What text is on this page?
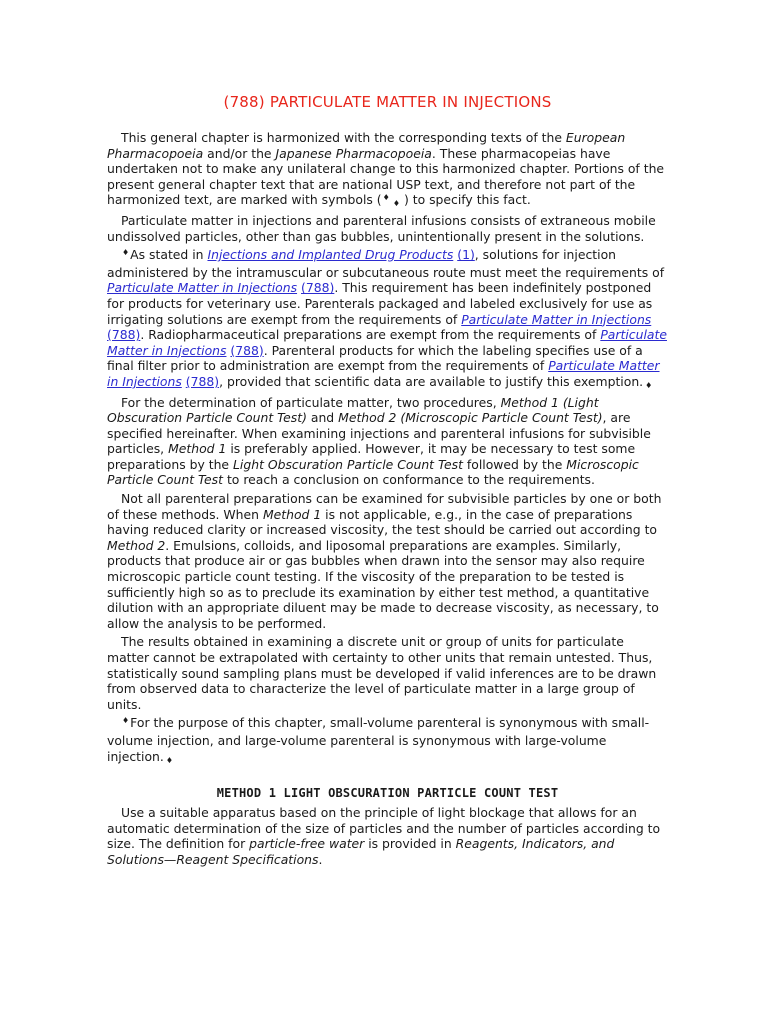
(788) PARTICULATE MATTER IN INJECTIONS

This general chapter is harmonized with the corresponding texts of the European Pharmacopoeia and/or the Japanese Pharmacopoeia. These pharmacopeias have undertaken not to make any unilateral change to this harmonized chapter. Portions of the present general chapter text that are national USP text, and therefore not part of the harmonized text, are marked with symbols (♦♦ ) to specify this fact.

Particulate matter in injections and parenteral infusions consists of extraneous mobile undissolved particles, other than gas bubbles, unintentionally present in the solutions.

♦As stated in Injections and Implanted Drug Products (1), solutions for injection administered by the intramuscular or subcutaneous route must meet the requirements of Particulate Matter in Injections (788). This requirement has been indefinitely postponed for products for veterinary use. Parenterals packaged and labeled exclusively for use as irrigating solutions are exempt from the requirements of Particulate Matter in Injections (788). Radiopharmaceutical preparations are exempt from the requirements of Particulate Matter in Injections (788). Parenteral products for which the labeling specifies use of a final filter prior to administration are exempt from the requirements of Particulate Matter in Injections (788), provided that scientific data are available to justify this exemption. ♦

For the determination of particulate matter, two procedures, Method 1 (Light Obscuration Particle Count Test) and Method 2 (Microscopic Particle Count Test), are specified hereinafter. When examining injections and parenteral infusions for subvisible particles, Method 1 is preferably applied. However, it may be necessary to test some preparations by the Light Obscuration Particle Count Test followed by the Microscopic Particle Count Test to reach a conclusion on conformance to the requirements.

Not all parenteral preparations can be examined for subvisible particles by one or both of these methods. When Method 1 is not applicable, e.g., in the case of preparations having reduced clarity or increased viscosity, the test should be carried out according to Method 2. Emulsions, colloids, and liposomal preparations are examples. Similarly, products that produce air or gas bubbles when drawn into the sensor may also require microscopic particle count testing. If the viscosity of the preparation to be tested is sufficiently high so as to preclude its examination by either test method, a quantitative dilution with an appropriate diluent may be made to decrease viscosity, as necessary, to allow the analysis to be performed.

The results obtained in examining a discrete unit or group of units for particulate matter cannot be extrapolated with certainty to other units that remain untested. Thus, statistically sound sampling plans must be developed if valid inferences are to be drawn from observed data to characterize the level of particulate matter in a large group of units.

♦For the purpose of this chapter, small-volume parenteral is synonymous with small-volume injection, and large-volume parenteral is synonymous with large-volume injection. ♦

METHOD 1 LIGHT OBSCURATION PARTICLE COUNT TEST

Use a suitable apparatus based on the principle of light blockage that allows for an automatic determination of the size of particles and the number of particles according to size. The definition for particle-free water is provided in Reagents, Indicators, and Solutions—Reagent Specifications.
